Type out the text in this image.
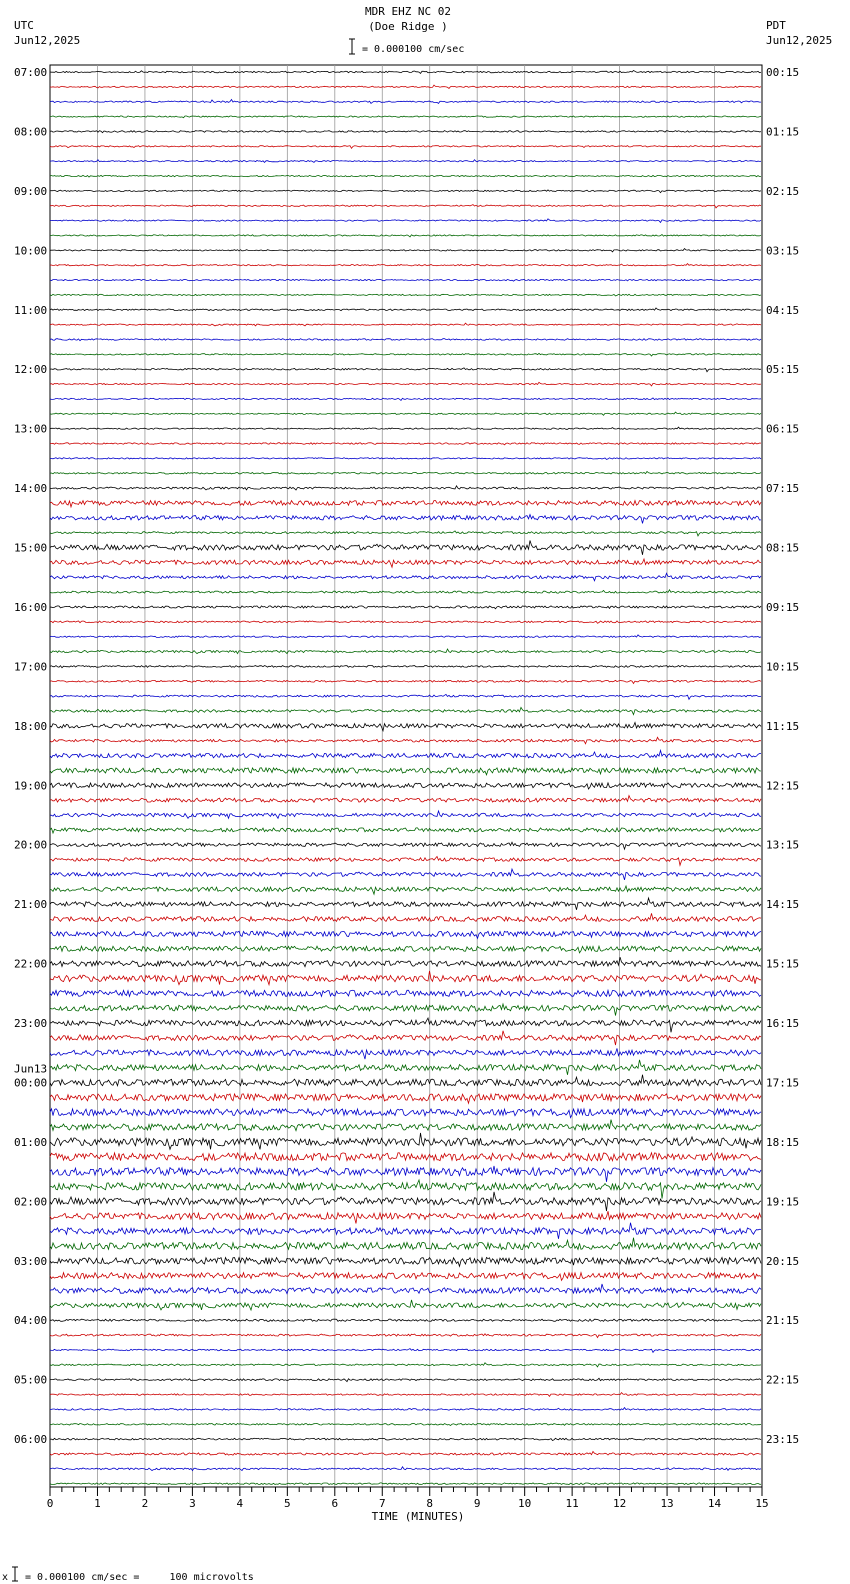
MDR EHZ NC 02
(Doe Ridge )
= 0.000100 cm/sec
UTC
Jun12,2025
PDT
Jun12,2025
07:00
08:00
09:00
10:00
11:00
12:00
13:00
14:00
15:00
16:00
17:00
18:00
19:00
20:00
21:00
22:00
23:00
00:00
Jun13
01:00
02:00
03:00
04:00
05:00
06:00
00:15
01:15
02:15
03:15
04:15
05:15
06:15
07:15
08:15
09:15
10:15
11:15
12:15
13:15
14:15
15:15
16:15
17:15
18:15
19:15
20:15
21:15
22:15
23:15
0	1	2	3	4	5	6	7	8	9	10	11	12	13	14	15
TIME (MINUTES)
x = 0.000100 cm/sec =     100 microvolts
